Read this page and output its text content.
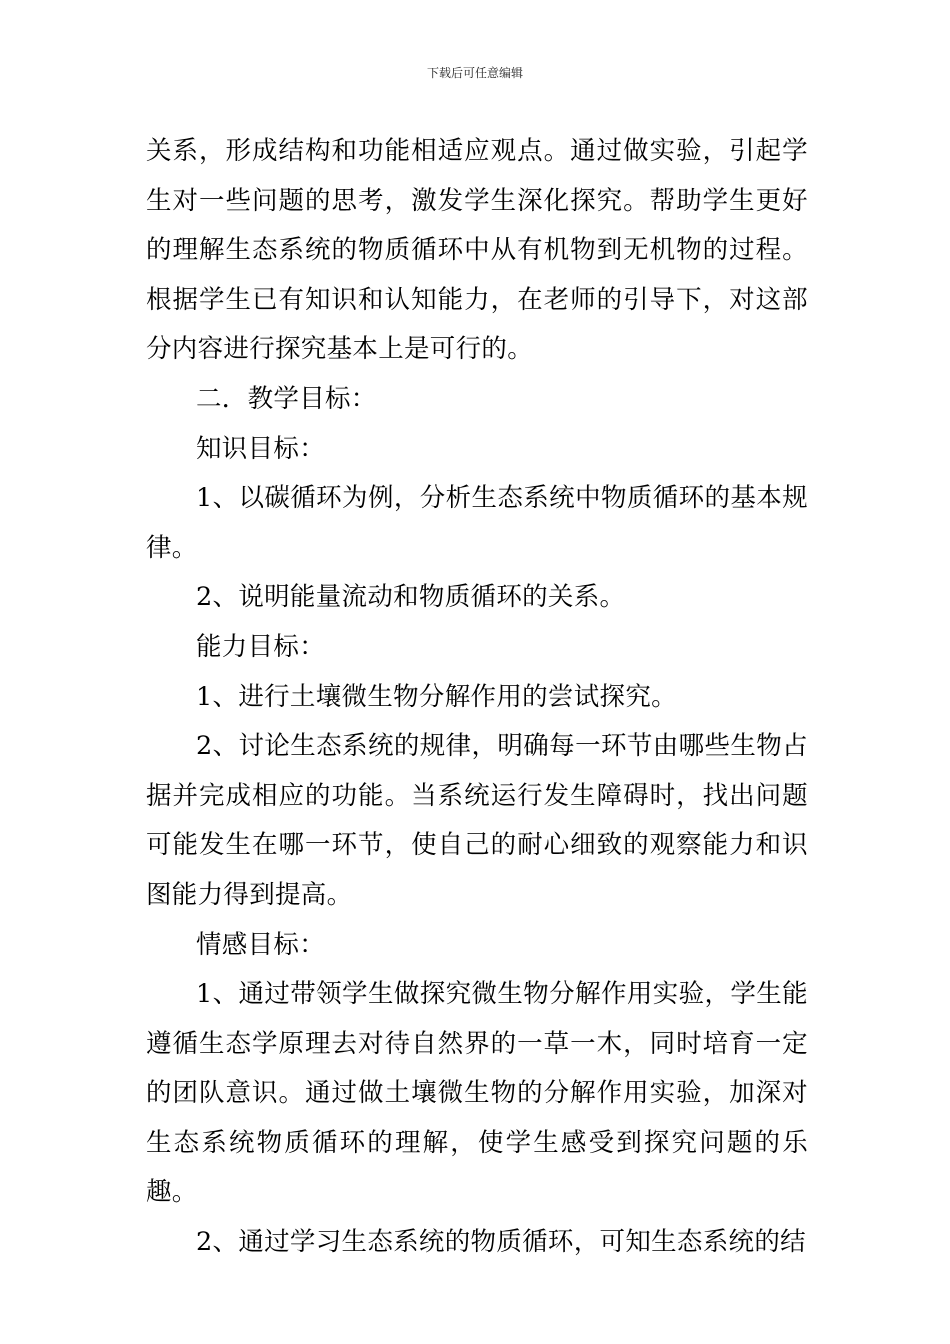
下载后可任意编辑

关系，形成结构和功能相适应观点。通过做实验，引起学生对一些问题的思考，激发学生深化探究。帮助学生更好的理解生态系统的物质循环中从有机物到无机物的过程。根据学生已有知识和认知能力，在老师的引导下，对这部分内容进行探究基本上是可行的。

二．教学目标：

知识目标：

1、以碳循环为例，分析生态系统中物质循环的基本规律。

2、说明能量流动和物质循环的关系。

能力目标：

1、进行土壤微生物分解作用的尝试探究。

2、讨论生态系统的规律，明确每一环节由哪些生物占据并完成相应的功能。当系统运行发生障碍时，找出问题可能发生在哪一环节，使自己的耐心细致的观察能力和识图能力得到提高。

情感目标：

1、通过带领学生做探究微生物分解作用实验，学生能遵循生态学原理去对待自然界的一草一木，同时培育一定的团队意识。通过做土壤微生物的分解作用实验，加深对生态系统物质循环的理解，使学生感受到探究问题的乐趣。

2、通过学习生态系统的物质循环，可知生态系统的结
